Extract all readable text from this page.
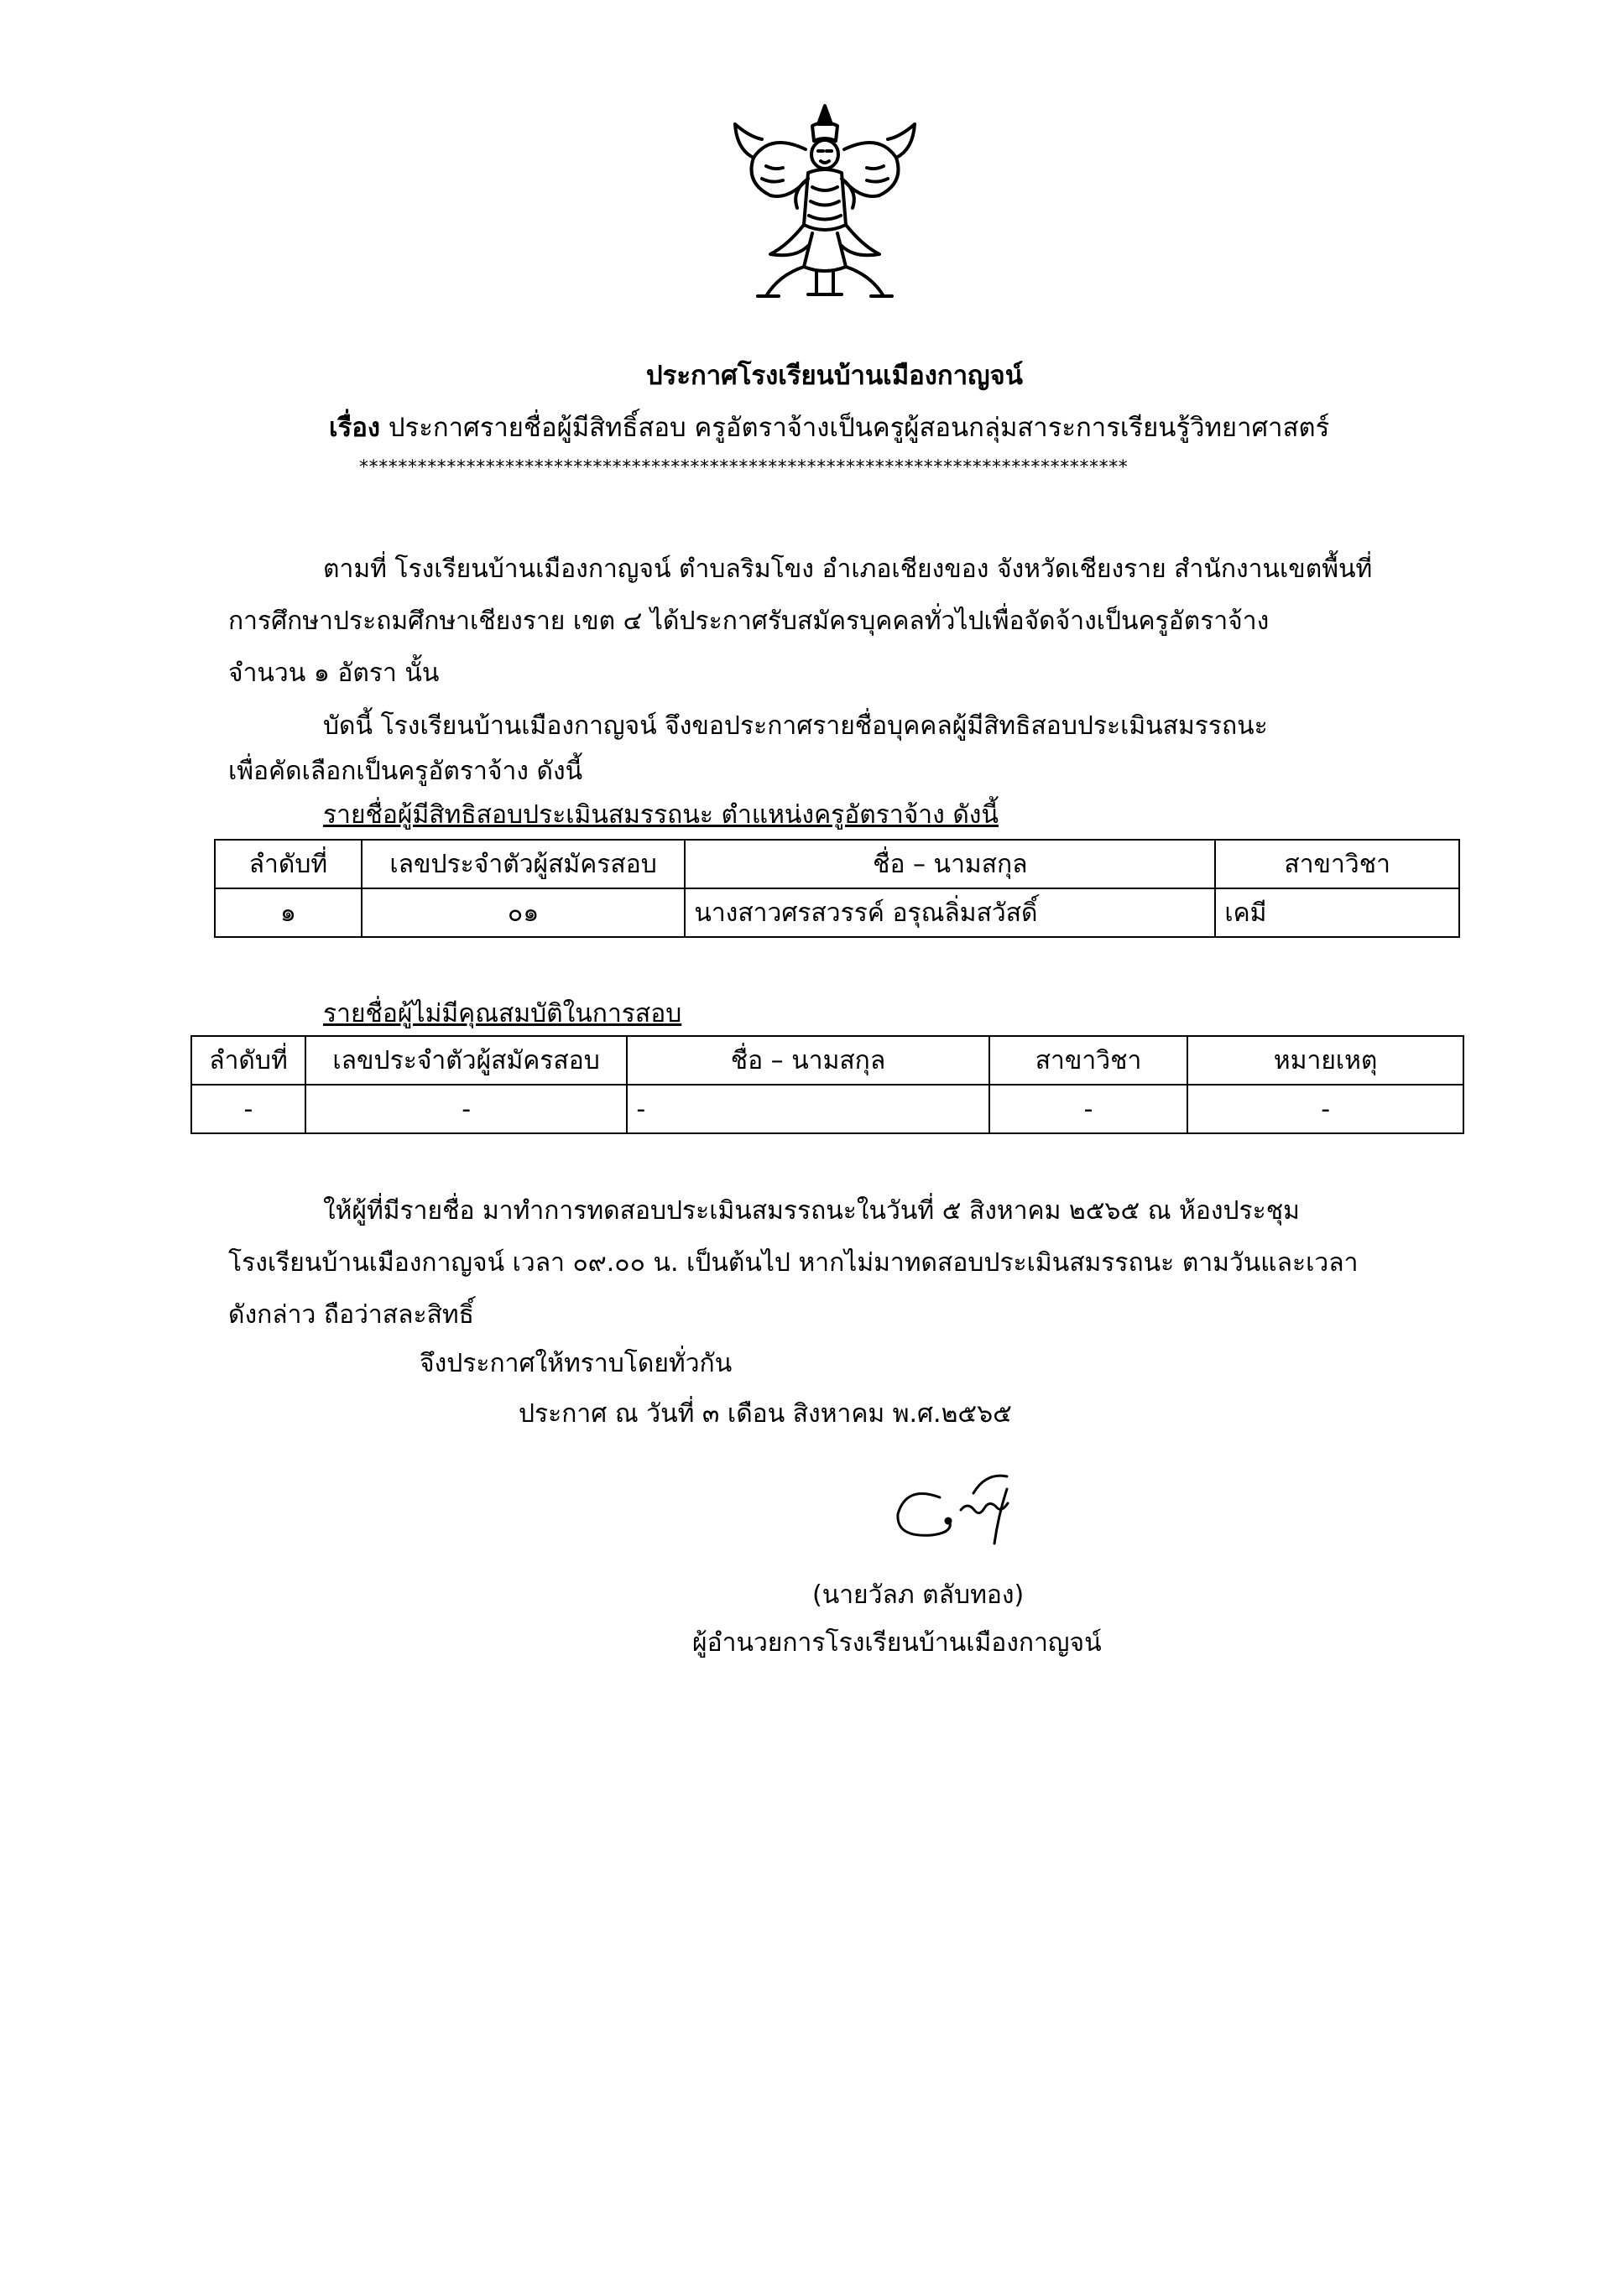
ประกาศโรงเรียนบ้านเมืองกาญจน์
เรื่อง ประกาศรายชื่อผู้มีสิทธิ์สอบ ครูอัตราจ้างเป็นครูผู้สอนกลุ่มสาระการเรียนรู้วิทยาศาสตร์
*******************************************************************************
ตามที่ โรงเรียนบ้านเมืองกาญจน์ ตำบลริมโขง อำเภอเชียงของ จังหวัดเชียงราย สำนักงานเขตพื้นที่
การศึกษาประถมศึกษาเชียงราย เขต ๔ ได้ประกาศรับสมัครบุคคลทั่วไปเพื่อจัดจ้างเป็นครูอัตราจ้าง
จำนวน ๑ อัตรา นั้น
บัดนี้ โรงเรียนบ้านเมืองกาญจน์ จึงขอประกาศรายชื่อบุคคลผู้มีสิทธิสอบประเมินสมรรถนะ
เพื่อคัดเลือกเป็นครูอัตราจ้าง ดังนี้
รายชื่อผู้มีสิทธิสอบประเมินสมรรถนะ ตำแหน่งครูอัตราจ้าง ดังนี้
ลำดับที่	เลขประจำตัวผู้สมัครสอบ	ชื่อ – นามสกุล	สาขาวิชา
๑	๐๑	นางสาวศรสวรรค์ อรุณลิ่มสวัสดิ์	เคมี
รายชื่อผู้ไม่มีคุณสมบัติในการสอบ
ลำดับที่	เลขประจำตัวผู้สมัครสอบ	ชื่อ – นามสกุล	สาขาวิชา	หมายเหตุ
-	-	-	-	-
ให้ผู้ที่มีรายชื่อ มาทำการทดสอบประเมินสมรรถนะในวันที่ ๕ สิงหาคม ๒๕๖๕ ณ ห้องประชุม
โรงเรียนบ้านเมืองกาญจน์ เวลา ๐๙.๐๐ น. เป็นต้นไป หากไม่มาทดสอบประเมินสมรรถนะ ตามวันและเวลา
ดังกล่าว ถือว่าสละสิทธิ์
จึงประกาศให้ทราบโดยทั่วกัน
ประกาศ ณ วันที่ ๓ เดือน สิงหาคม พ.ศ.๒๕๖๕
(นายวัลภ ตลับทอง)
ผู้อำนวยการโรงเรียนบ้านเมืองกาญจน์
